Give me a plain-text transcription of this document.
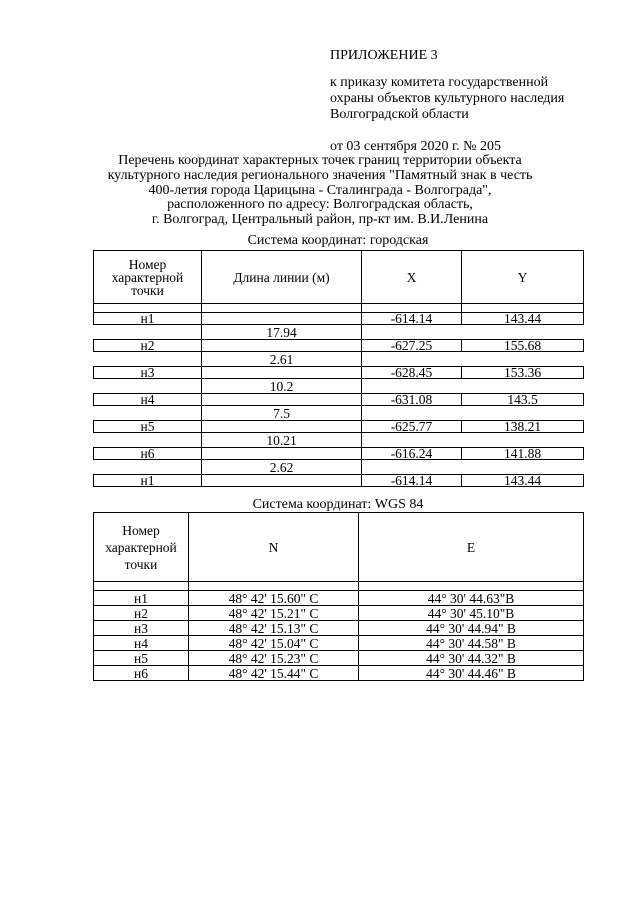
ПРИЛОЖЕНИЕ 3
к приказу комитета государственной
охраны объектов культурного наследия
Волгоградской области
от 03 сентября 2020 г. № 205
Перечень координат характерных точек границ территории объекта
культурного наследия регионального значения "Памятный знак в честь
400-летия города Царицына - Сталинграда - Волгограда",
расположенного по адресу: Волгоградская область,
г. Волгоград, Центральный район, пр-кт им. В.И.Ленина
Система координат: городская
Номер
характерной
точки	Длина линии (м)	X	Y

н1		-614.14	143.44
	17.94		
н2		-627.25	155.68
	2.61		
н3		-628.45	153.36
	10.2		
н4		-631.08	143.5
	7.5		
н5		-625.77	138.21
	10.21		
н6		-616.24	141.88
	2.62		
н1		-614.14	143.44
Система координат: WGS 84
Номер
характерной
точки	N	E

н1	48° 42' 15.60" С	44° 30' 44.63"В
н2	48° 42' 15.21" С	44° 30' 45.10"В
н3	48° 42' 15.13" С	44° 30' 44.94" В
н4	48° 42' 15.04" С	44° 30' 44.58" В
н5	48° 42' 15.23" С	44° 30' 44.32" В
н6	48° 42' 15.44" С	44° 30' 44.46" В
